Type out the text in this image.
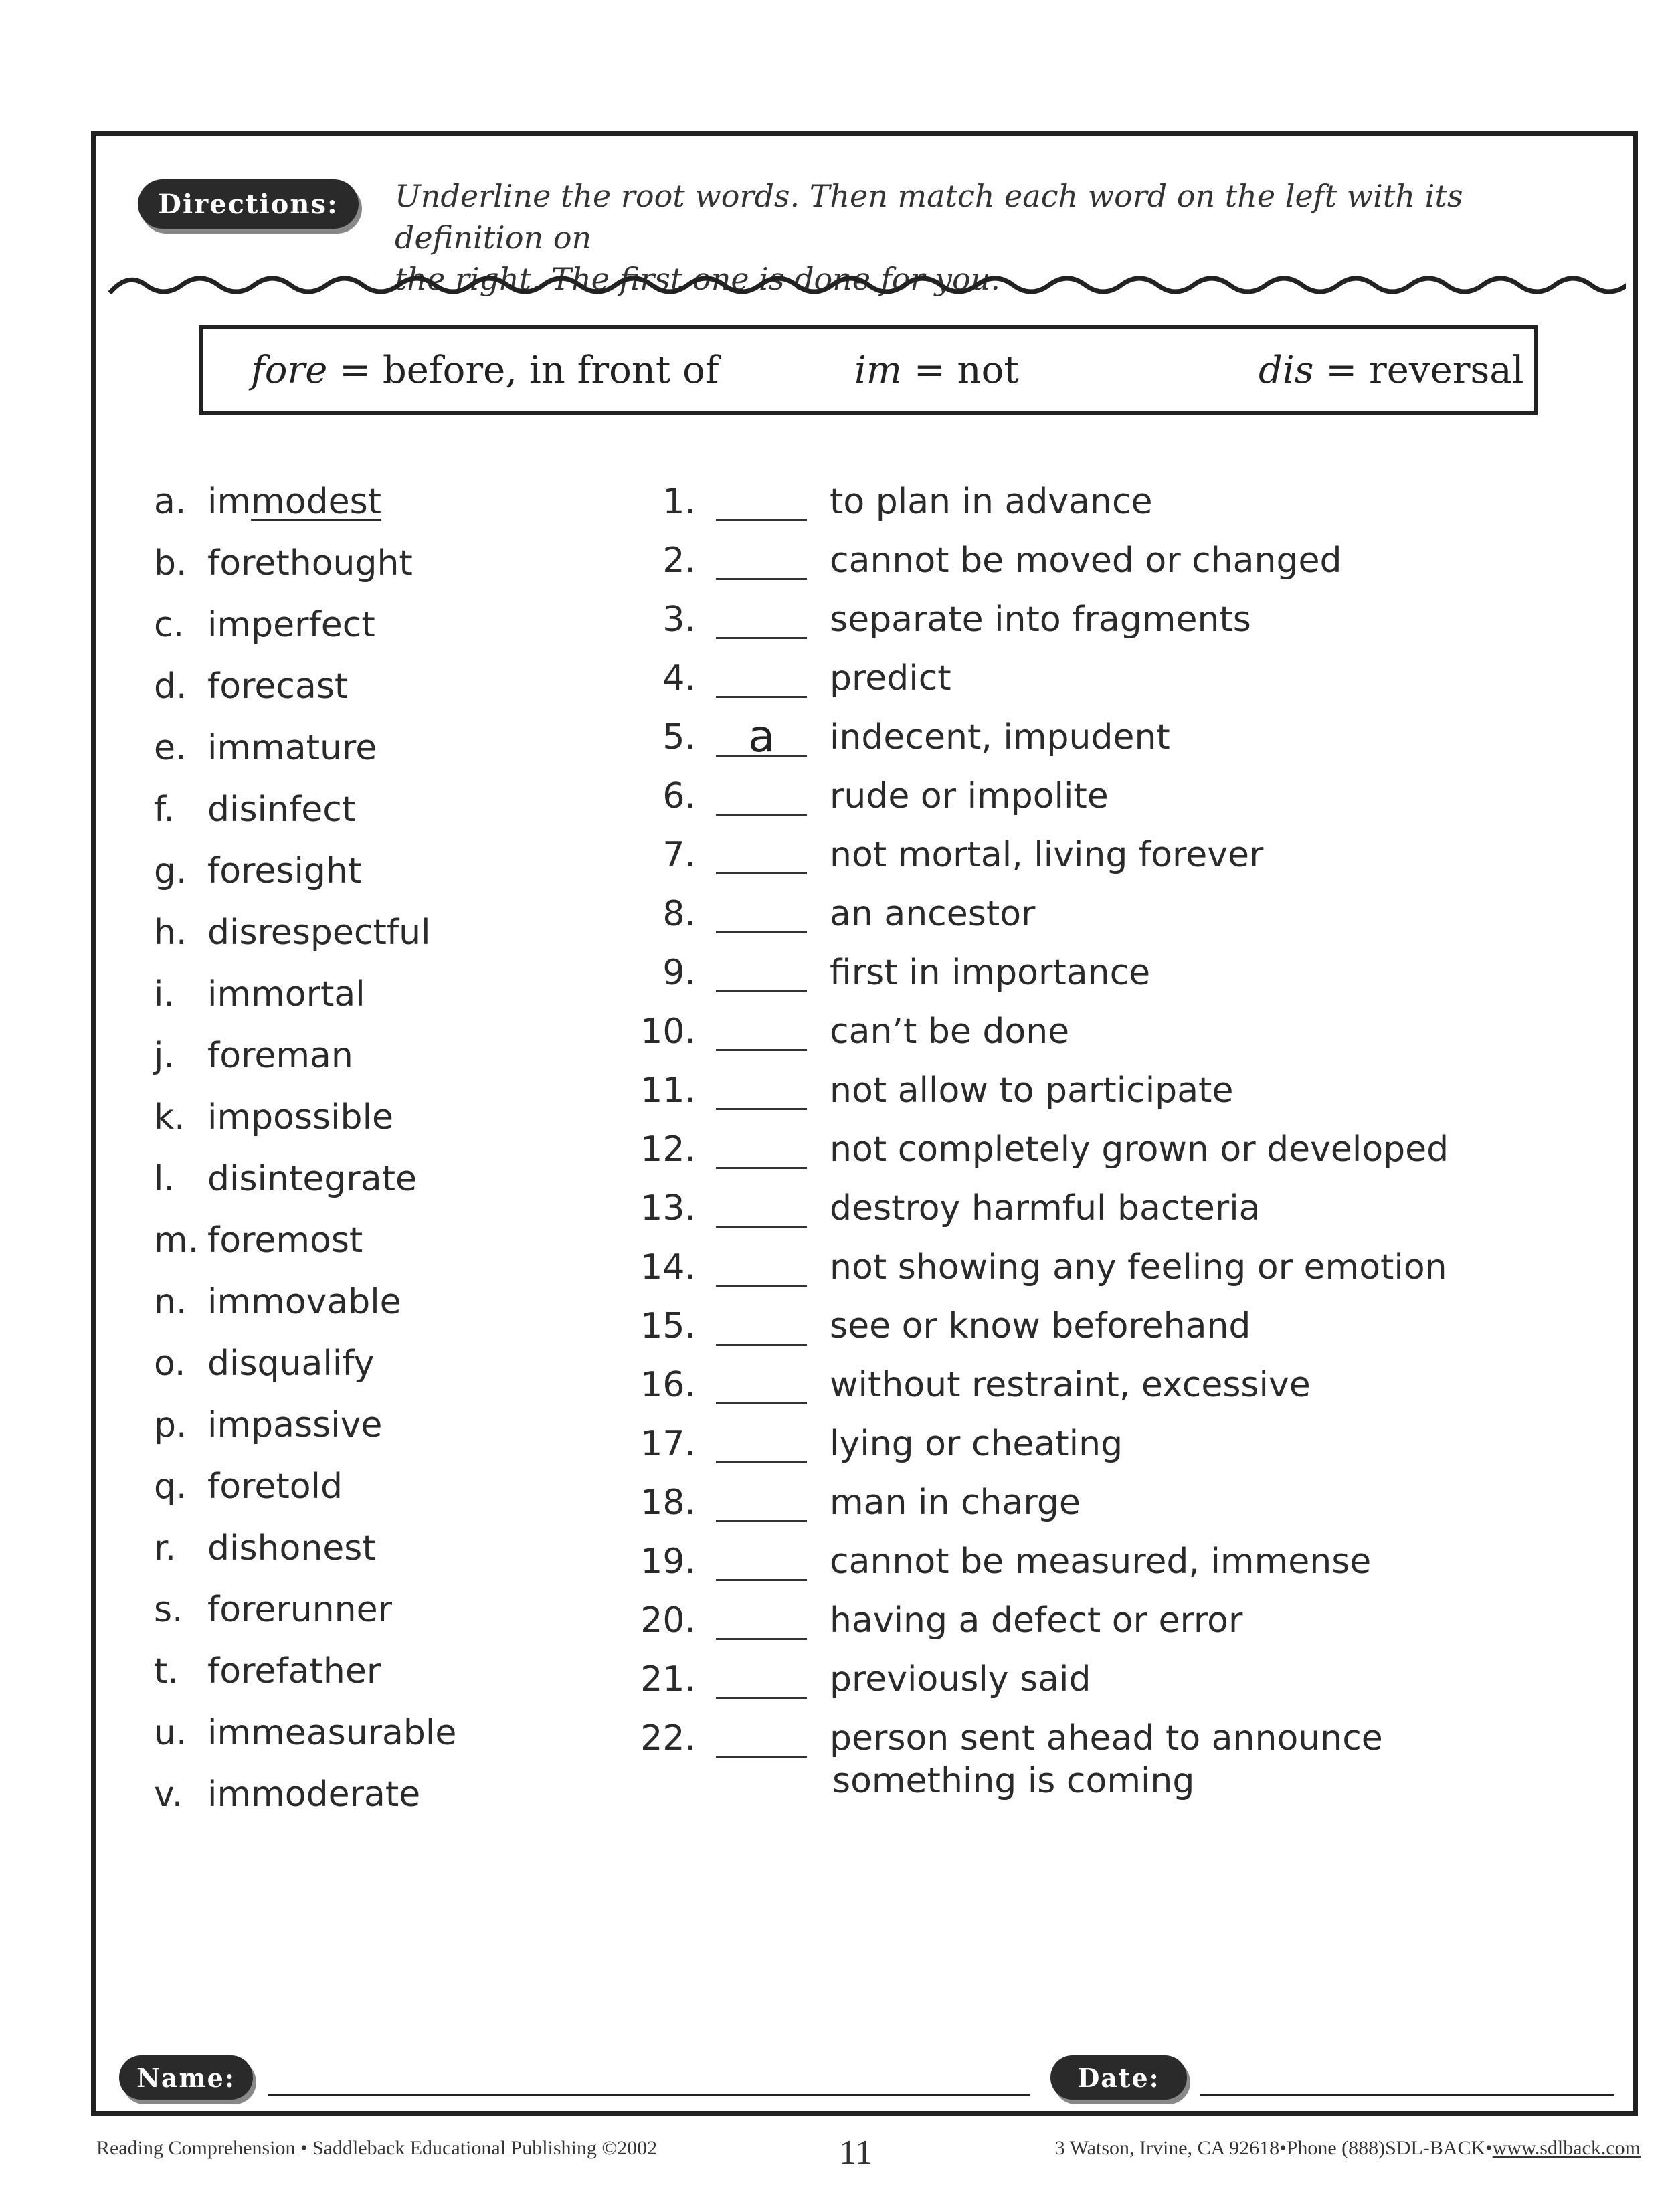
Directions:	Underline the root words. Then match each word on the left with its definition on
the right. The first one is done for you.
fore = before, in front of	im = not	dis = reversal
a. immodest
b. forethought
c. imperfect
d. forecast
e. immature
f. disinfect
g. foresight
h. disrespectful
i. immortal
j. foreman
k. impossible
l. disintegrate
m. foremost
n. immovable
o. disqualify
p. impassive
q. foretold
r. dishonest
s. forerunner
t. forefather
u. immeasurable
v. immoderate
1.	to plan in advance
2.	cannot be moved or changed
3.	separate into fragments
4.	predict
5. a indecent, impudent
6.	rude or impolite
7.	not mortal, living forever
8.	an ancestor
9.	first in importance
10.	can’t be done
11.	not allow to participate
12.	not completely grown or developed
13.	destroy harmful bacteria
14.	not showing any feeling or emotion
15.	see or know beforehand
16.	without restraint, excessive
17.	lying or cheating
18.	man in charge
19.	cannot be measured, immense
20.	having a defect or error
21.	previously said
22.	person sent ahead to announce
something is coming
Name:	Date:
Reading Comprehension • Saddleback Educational Publishing ©2002	11	3 Watson, Irvine, CA 92618•Phone (888)SDL-BACK•www.sdlback.com
